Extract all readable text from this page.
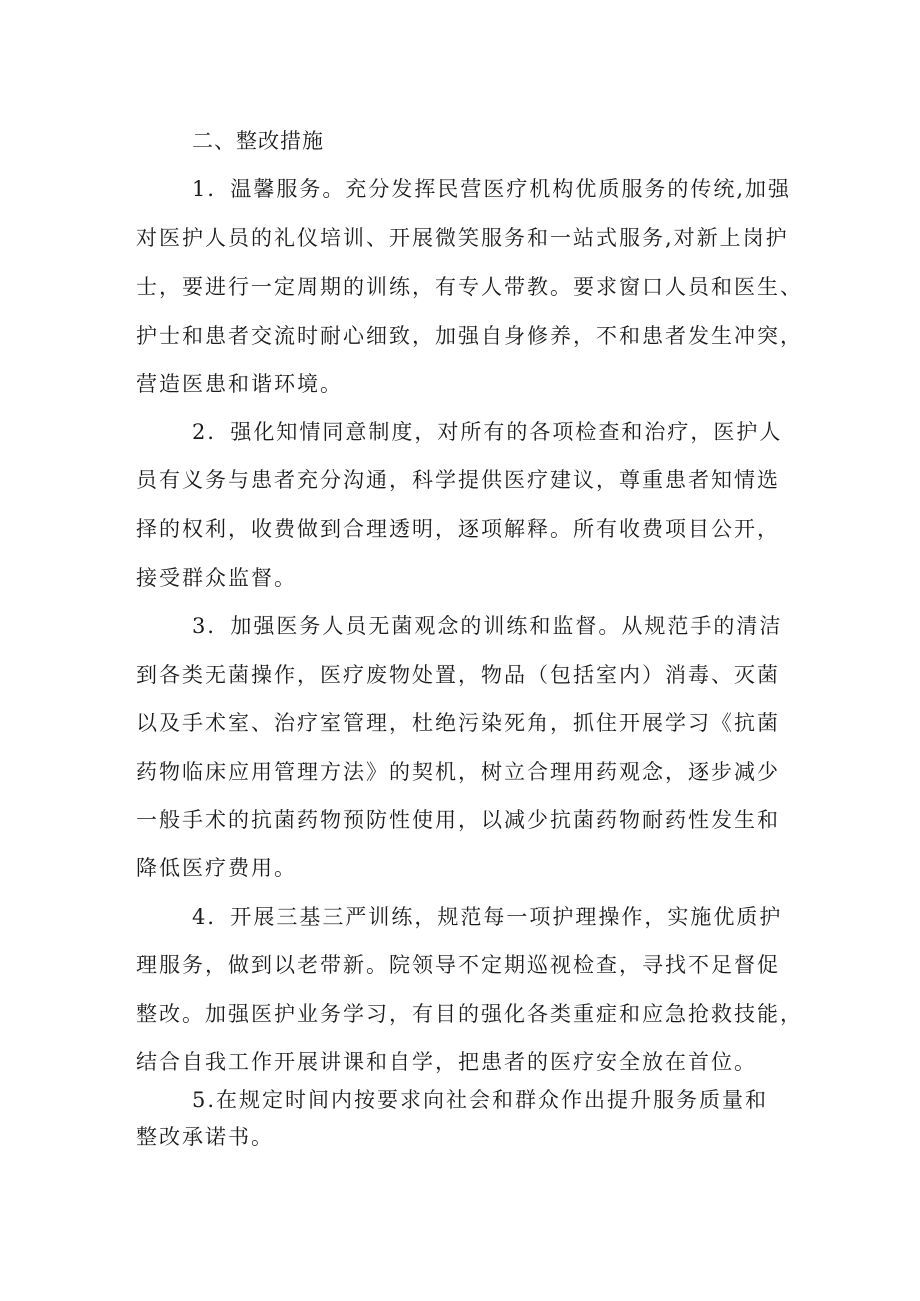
二、整改措施
1．温馨服务。充分发挥民营医疗机构优质服务的传统,加强
对医护人员的礼仪培训、开展微笑服务和一站式服务,对新上岗护
士，要进行一定周期的训练，有专人带教。要求窗口人员和医生、
护士和患者交流时耐心细致，加强自身修养，不和患者发生冲突，
营造医患和谐环境。
2．强化知情同意制度，对所有的各项检查和治疗，医护人
员有义务与患者充分沟通，科学提供医疗建议，尊重患者知情选
择的权利，收费做到合理透明，逐项解释。所有收费项目公开，
接受群众监督。
3．加强医务人员无菌观念的训练和监督。从规范手的清洁
到各类无菌操作，医疗废物处置，物品（包括室内）消毒、灭菌
以及手术室、治疗室管理，杜绝污染死角，抓住开展学习《抗菌
药物临床应用管理方法》的契机，树立合理用药观念，逐步减少
一般手术的抗菌药物预防性使用，以减少抗菌药物耐药性发生和
降低医疗费用。
4．开展三基三严训练，规范每一项护理操作，实施优质护
理服务，做到以老带新。院领导不定期巡视检查，寻找不足督促
整改。加强医护业务学习，有目的强化各类重症和应急抢救技能，
结合自我工作开展讲课和自学，把患者的医疗安全放在首位。
5.在规定时间内按要求向社会和群众作出提升服务质量和
整改承诺书。
